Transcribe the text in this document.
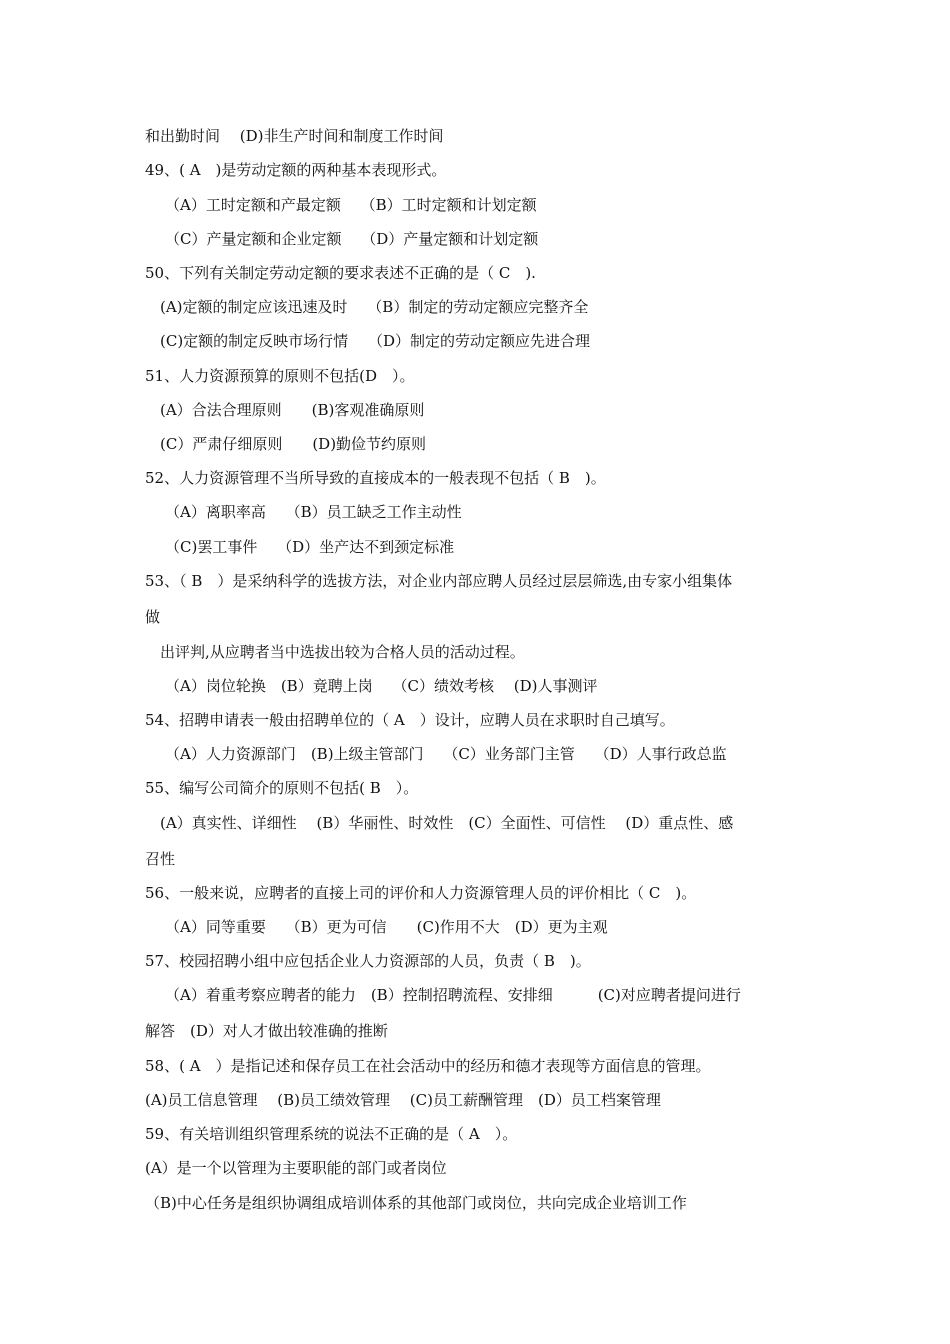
和出勤时间　 (D)非生产时间和制度工作时间
49、( A　)是劳动定额的两种基本表现形式。
（A）工时定额和产最定额　 （B）工时定额和计划定额
（C）产量定额和企业定额　 （D）产量定额和计划定额
50、下列有关制定劳动定额的要求表述不正确的是（ C　).
(A)定额的制定应该迅速及时　 （B）制定的劳动定额应完整齐全
(C)定额的制定反映市场行情　 （D）制定的劳动定额应先进合理
51、人力资源预算的原则不包括(D　）。
(A）合法合理原则　　(B)客观准确原则
(C）严肃仔细原则　　(D)勤俭节约原则
52、人力资源管理不当所导致的直接成本的一般表现不包括（ B　)。
（A）离职率高　 （B）员工缺乏工作主动性
（C)罢工事件　 （D）坐产达不到颈定标准
53、（ B　）是采纳科学的选拔方法，对企业内部应聘人员经过层层筛选,由专家小组集体
做
出评判,从应聘者当中选拔出较为合格人员的活动过程。
（A）岗位轮换　(B）竟聘上岗　 （C）绩效考核　 (D)人事测评
54、招聘申请表一般由招聘单位的（ A　）设计，应聘人员在求职时自己填写。
（A）人力资源部门　(B)上级主管部门　 （C）业务部门主管　 （D）人事行政总监
55、编写公司简介的原则不包括( B　）。
(A）真实性、详细性　 (B）华丽性、时效性　(C）全面性、可信性　 (D）重点性、感
召性
56、一般来说，应聘者的直接上司的评价和人力资源管理人员的评价相比（ C　)。
（A）同等重要　 （B）更为可信　　(C)作用不大　(D）更为主观
57、校园招聘小组中应包括企业人力资源部的人员，负责（ B　)。
（A）着重考察应聘者的能力　(B）控制招聘流程、安排细　　　(C)对应聘者提问进行
解答　(D）对人才做出较准确的推断
58、( A　）是指记述和保存员工在社会活动中的经历和德才表现等方面信息的管理。
(A)员工信息管理　 (B)员工绩效管理　 (C)员工薪酬管理　(D）员工档案管理
59、有关培训组织管理系统的说法不正确的是（ A　）。
(A）是一个以管理为主要职能的部门或者岗位
（B)中心任务是组织协调组成培训体系的其他部门或岗位，共向完成企业培训工作
